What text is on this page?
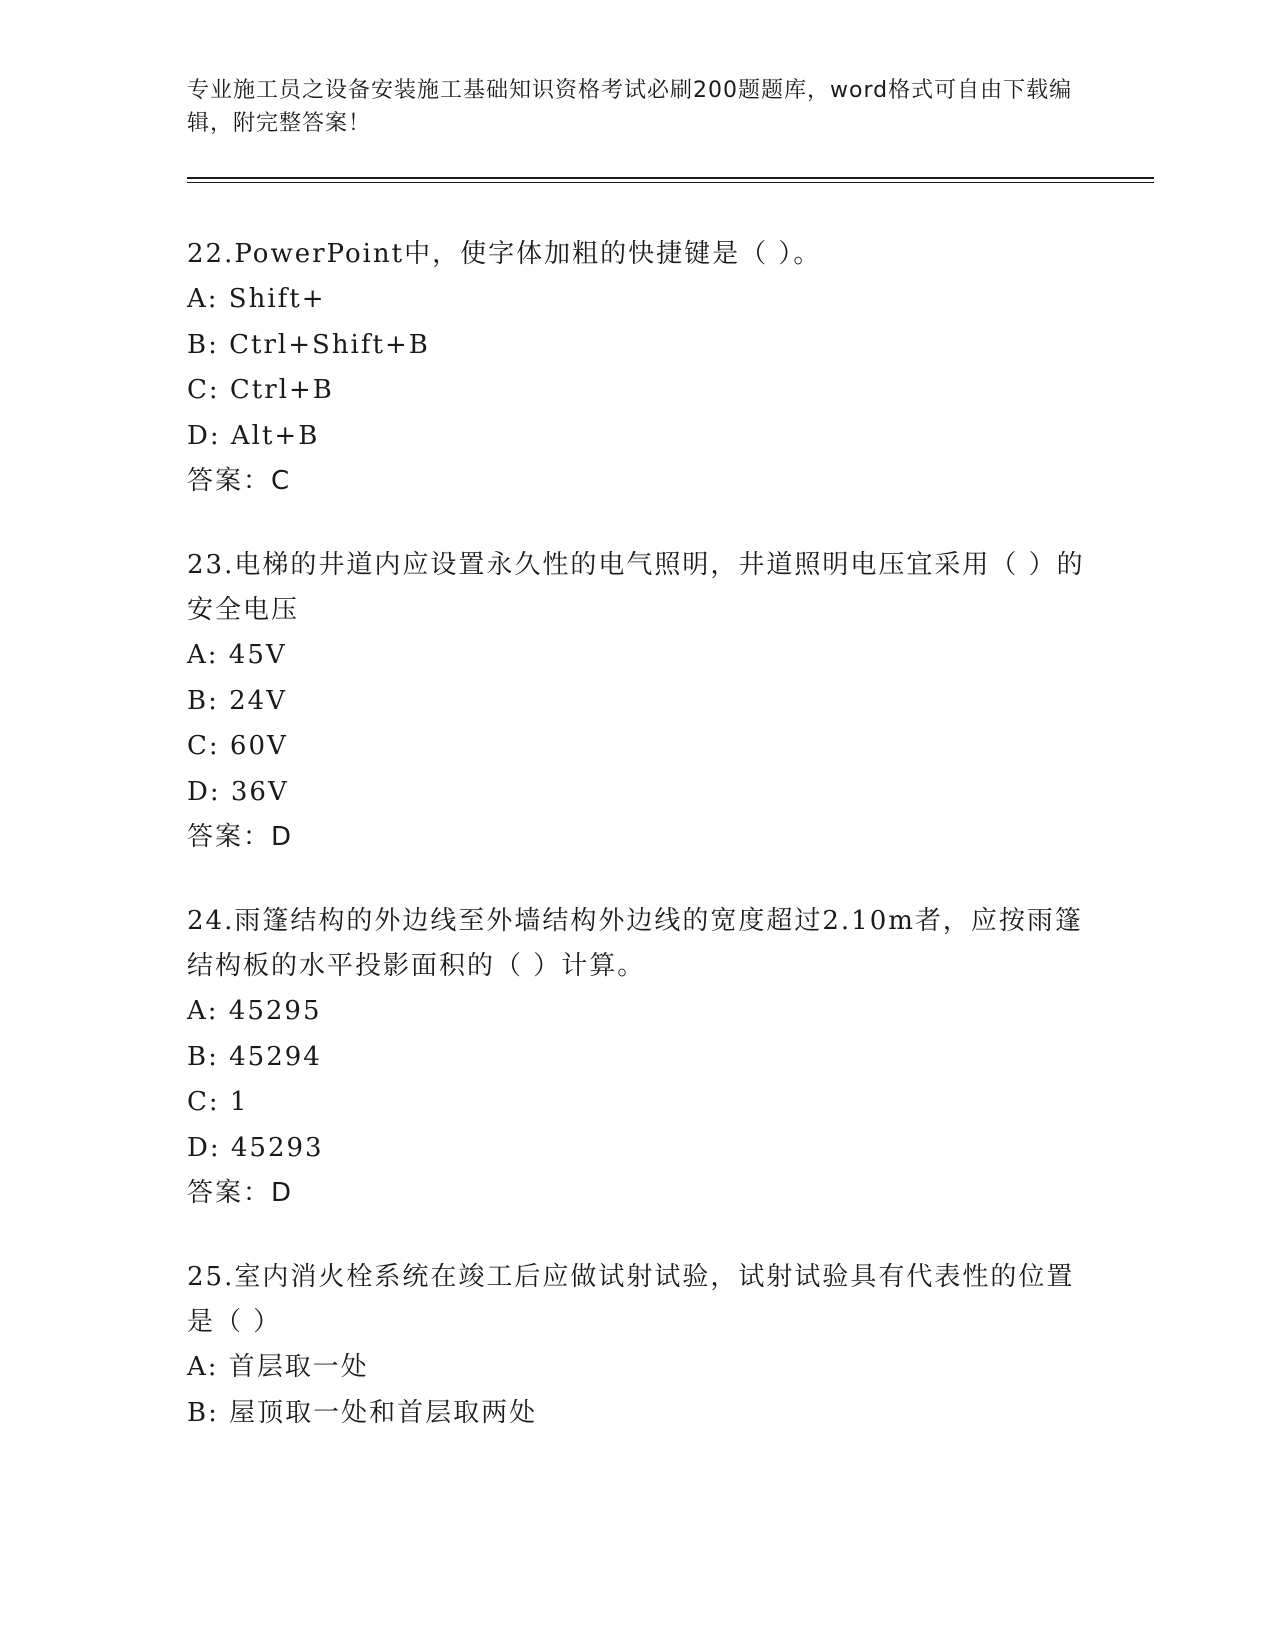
专业施工员之设备安装施工基础知识资格考试必刷200题题库，word格式可自由下载编辑，附完整答案！

22.PowerPoint中，使字体加粗的快捷键是（ ）。

A: Shift+

B: Ctrl+Shift+B

C: Ctrl+B

D: Alt+B

答案：C

23.电梯的井道内应设置永久性的电气照明，井道照明电压宜采用（ ）的安全电压

A: 45V

B: 24V

C: 60V

D: 36V

答案：D

24.雨篷结构的外边线至外墙结构外边线的宽度超过2.10m者，应按雨篷结构板的水平投影面积的（ ）计算。

A: 45295

B: 45294

C: 1

D: 45293

答案：D

25.室内消火栓系统在竣工后应做试射试验，试射试验具有代表性的位置是（ ）

A: 首层取一处

B: 屋顶取一处和首层取两处
